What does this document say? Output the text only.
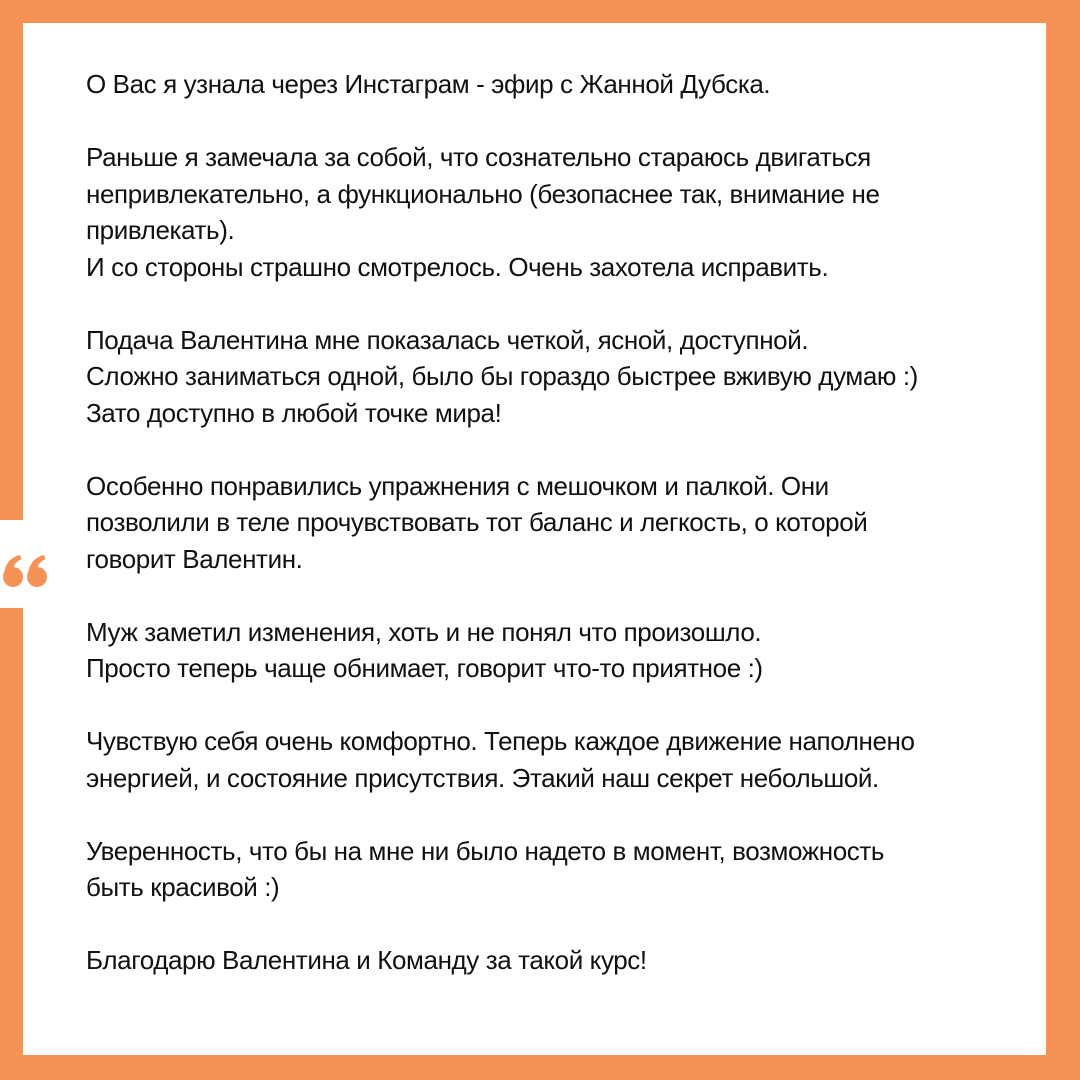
О Вас я узнала через Инстаграм - эфир с Жанной Дубска.

Раньше я замечала за собой, что сознательно стараюсь двигаться
непривлекательно, а функционально (безопаснее так, внимание не
привлекать).
И со стороны страшно смотрелось. Очень захотела исправить.

Подача Валентина мне показалась четкой, ясной, доступной.
Сложно заниматься одной, было бы гораздо быстрее вживую думаю :)
Зато доступно в любой точке мира!

Особенно понравились упражнения с мешочком и палкой. Они
позволили в теле прочувствовать тот баланс и легкость, о которой
говорит Валентин.

Муж заметил изменения, хоть и не понял что произошло.
Просто теперь чаще обнимает, говорит что-то приятное :)

Чувствую себя очень комфортно. Теперь каждое движение наполнено
энергией, и состояние присутствия. Этакий наш секрет небольшой.

Уверенность, что бы на мне ни было надето в момент, возможность
быть красивой :)

Благодарю Валентина и Команду за такой курс!
